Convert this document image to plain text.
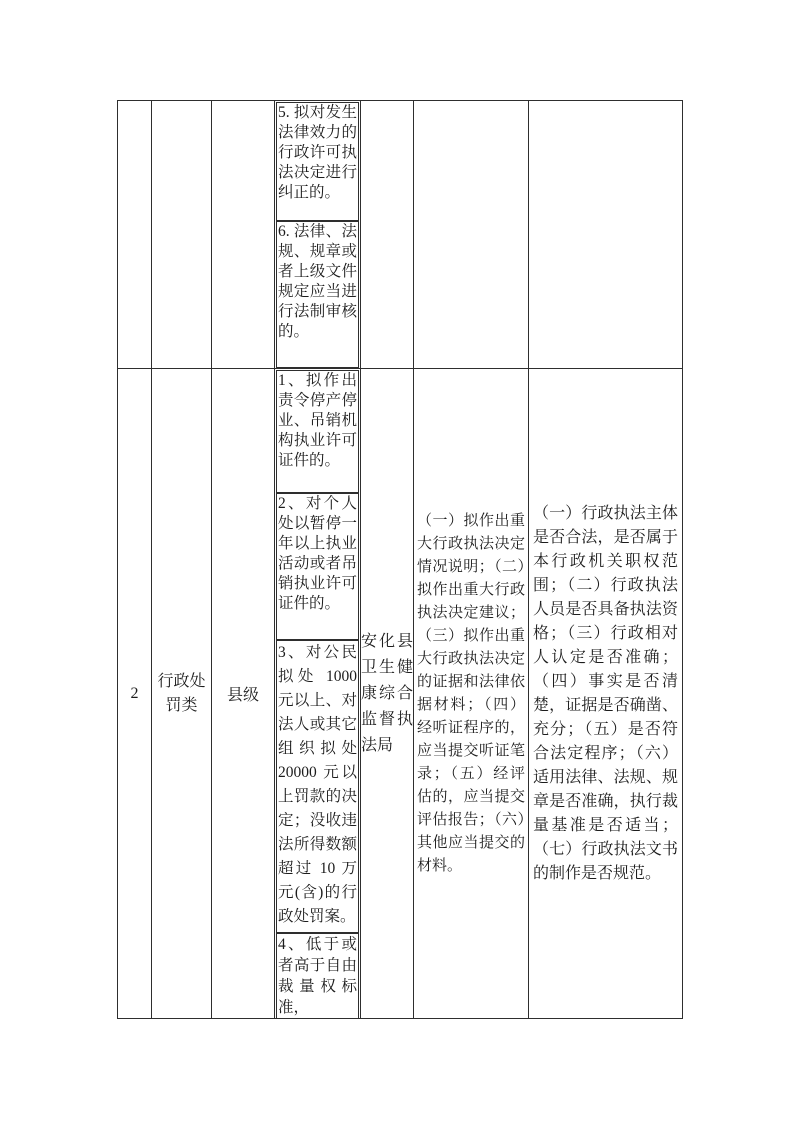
			5. 拟对发生法律效力的行政许可执法决定进行纠正的。
6. 法律、法规、规章或者上级文件规定应当进行法制审核的。			

2	行政处罚类	县级	1、拟作出责令停产停业、吊销机构执业许可证件的。
2、对个人处以暂停一年以上执业活动或者吊销执业许可证件的。
3、对公民拟处 1000 元以上、对法人或其它组织拟处 20000 元以上罚款的决定；没收违法所得数额超过 10 万元(含)的行政处罚案。
4、低于或者高于自由裁量权标准，	安化县卫生健康综合监督执法局	（一）拟作出重大行政执法决定情况说明；（二）拟作出重大行政执法决定建议；（三）拟作出重大行政执法决定的证据和法律依据材料；（四）经听证程序的，应当提交听证笔录；（五）经评估的，应当提交评估报告；（六）其他应当提交的材料。	（一）行政执法主体是否合法，是否属于本行政机关职权范围；（二）行政执法人员是否具备执法资格；（三）行政相对人认定是否准确；（四）事实是否清楚，证据是否确凿、充分；（五）是否符合法定程序；（六）适用法律、法规、规章是否准确，执行裁量基准是否适当；（七）行政执法文书的制作是否规范。
